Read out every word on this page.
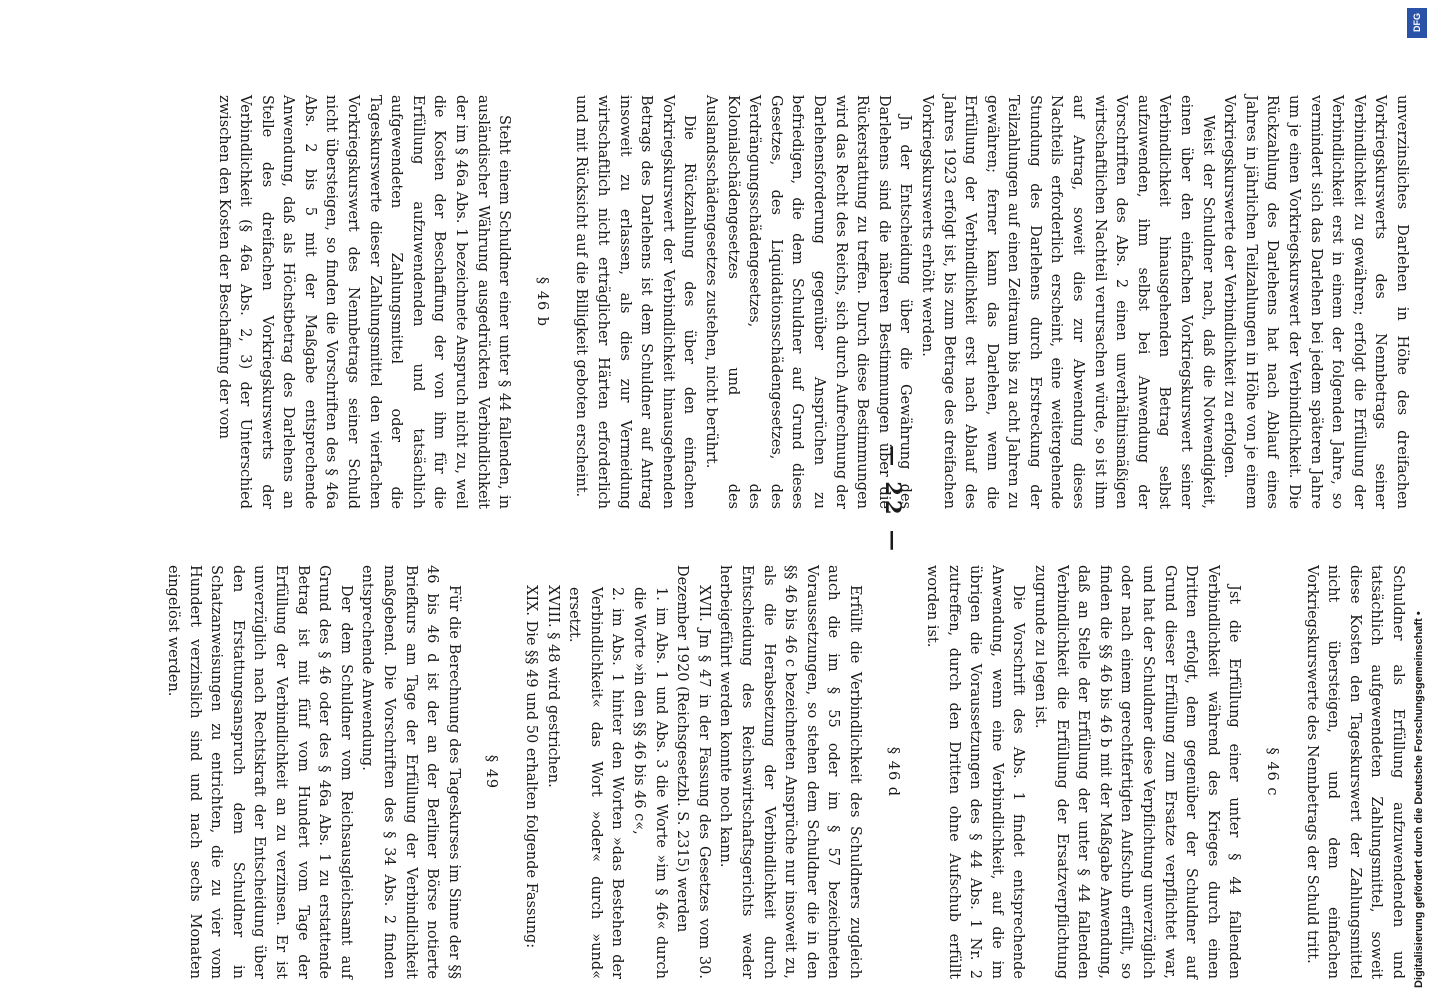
— 22 —	unverzinsliches Darlehen in Höhe des dreifachen Vorkriegskurswerts des Nennbetrags seiner Verbindlichkeit zu gewähren; erfolgt die Erfüllung der Verbindlichkeit erst in einem der folgenden Jahre, so vermindert sich das Darlehen bei jedem späteren Jahre um je einen Vorkriegskurswert der Verbindlichkeit. Die Rückzahlung des Darlehens hat nach Ablauf eines Jahres in jährlichen Teilzahlungen in Höhe von je einem Vorkriegskurswerte der Verbindlichkeit zu erfolgen.

Weist der Schuldner nach, daß die Notwendigkeit, einen über den einfachen Vorkriegskurswert seiner Verbindlichkeit hinausgehenden Betrag selbst aufzuwenden, ihm selbst bei Anwendung der Vorschriften des Abs. 2 einen unverhältnismäßigen wirtschaftlichen Nachteil verursachen würde, so ist ihm auf Antrag, soweit dies zur Abwendung dieses Nachteils erforderlich erscheint, eine weitergehende Stundung des Darlehens durch Erstreckung der Teilzahlungen auf einen Zeitraum bis zu acht Jahren zu gewähren; ferner kann das Darlehen, wenn die Erfüllung der Verbindlichkeit erst nach Ablauf des Jahres 1923 erfolgt ist, bis zum Betrage des dreifachen Vorkriegskurswerts erhöht werden.

Jn der Entscheidung über die Gewährung des Darlehens sind die näheren Bestimmungen über die Rückerstattung zu treffen. Durch diese Bestimmungen wird das Recht des Reichs, sich durch Aufrechnung der Darlehensforderung gegenüber Ansprüchen zu befriedigen, die dem Schuldner auf Grund dieses Gesetzes, des Liquidationsschädengesetzes, des Verdrängungsschädengesetzes, des Kolonialschädengesetzes und des Auslandsschädengesetzes zustehen, nicht berührt.

Die Rückzahlung des über den einfachen Vorkriegskurswert der Verbindlichkeit hinausgehenden Betrags des Darlehens ist dem Schuldner auf Antrag insoweit zu erlassen, als dies zur Vermeidung wirtschaftlich nicht erträglicher Härten erforderlich und mit Rücksicht auf die Billigkeit geboten erscheint.

§ 46 b

Steht einem Schuldner einer unter § 44 fallenden, in ausländischer Währung ausgedrückten Verbindlichkeit der im § 46a Abs. 1 bezeichnete Anspruch nicht zu, weil die Kosten der Beschaffung der von ihm für die Erfüllung aufzuwendenden und tatsächlich aufgewendeten Zahlungsmittel oder die Tageskurswerte dieser Zahlungsmittel den vierfachen Vorkriegskurswert des Nennbetrags seiner Schuld nicht übersteigen, so finden die Vorschriften des § 46a Abs. 2 bis 5 mit der Maßgabe entsprechende Anwendung, daß als Höchstbetrag des Darlehens an Stelle des dreifachen Vorkriegskurswerts der Verbindlichkeit (§ 46a Abs. 2, 3) der Unterschied zwischen den Kosten der Beschaffung der vom

Schuldner als Erfüllung aufzuwendenden und tatsächlich aufgewendeten Zahlungsmittel, soweit diese Kosten den Tageskurswert der Zahlungsmittel nicht übersteigen, und dem einfachen Vorkriegskurswerte des Nennbetrags der Schuld tritt.

§ 46 c

Jst die Erfüllung einer unter § 44 fallenden Verbindlichkeit während des Krieges durch einen Dritten erfolgt, dem gegenüber der Schuldner auf Grund dieser Erfüllung zum Ersatze verpflichtet war, und hat der Schuldner diese Verpflichtung unverzüglich oder nach einem gerechtfertigten Aufschub erfüllt, so finden die §§ 46 bis 46 b mit der Maßgabe Anwendung, daß an Stelle der Erfüllung der unter § 44 fallenden Verbindlichkeit die Erfüllung der Ersatzverpflichtung zugrunde zu legen ist.

Die Vorschrift des Abs. 1 findet entsprechende Anwendung, wenn eine Verbindlichkeit, auf die im übrigen die Voraussetzungen des § 44 Abs. 1 Nr. 2 zutreffen, durch den Dritten ohne Aufschub erfüllt worden ist.

§ 46 d

Erfüllt die Verbindlichkeit des Schuldners zugleich auch die im § 55 oder im § 57 bezeichneten Voraussetzungen, so stehen dem Schuldner die in den §§ 46 bis 46 c bezeichneten Ansprüche nur insoweit zu, als die Herabsetzung der Verbindlichkeit durch Entscheidung des Reichswirtschaftsgerichts weder herbeigeführt werden konnte noch kann.

XVII. Jm § 47 in der Fassung des Gesetzes vom 30. Dezember 1920 (Reichsgesetzbl. S. 2315) werden

1. im Abs. 1 und Abs. 3 die Worte »im § 46« durch die Worte »in den §§ 46 bis 46 c«,

2. im Abs. 1 hinter den Worten »das Bestehen der Verbindlichkeit« das Wort »oder« durch »und« ersetzt.

XVIII. § 48 wird gestrichen.

XIX. Die §§ 49 und 50 erhalten folgende Fassung:

§ 49

Für die Berechnung des Tageskurses im Sinne der §§ 46 bis 46 d ist der an der Berliner Börse notierte Briefkurs am Tage der Erfüllung der Verbindlichkeit maßgebend. Die Vorschriften des § 34 Abs. 2 finden entsprechende Anwendung.

Der dem Schuldner vom Reichsausgleichsamt auf Grund des § 46 oder des § 46a Abs. 1 zu erstattende Betrag ist mit fünf vom Hundert vom Tage der Erfüllung der Verbindlichkeit an zu verzinsen. Er ist unverzüglich nach Rechtskraft der Entscheidung über den Erstattungsanspruch dem Schuldner in Schatzanweisungen zu entrichten, die zu vier vom Hundert verzinslich sind und nach sechs Monaten eingelöst werden.

DFG
Digitalisierung gefördert durch die Deutsche Forschungsgemeinschaft •
